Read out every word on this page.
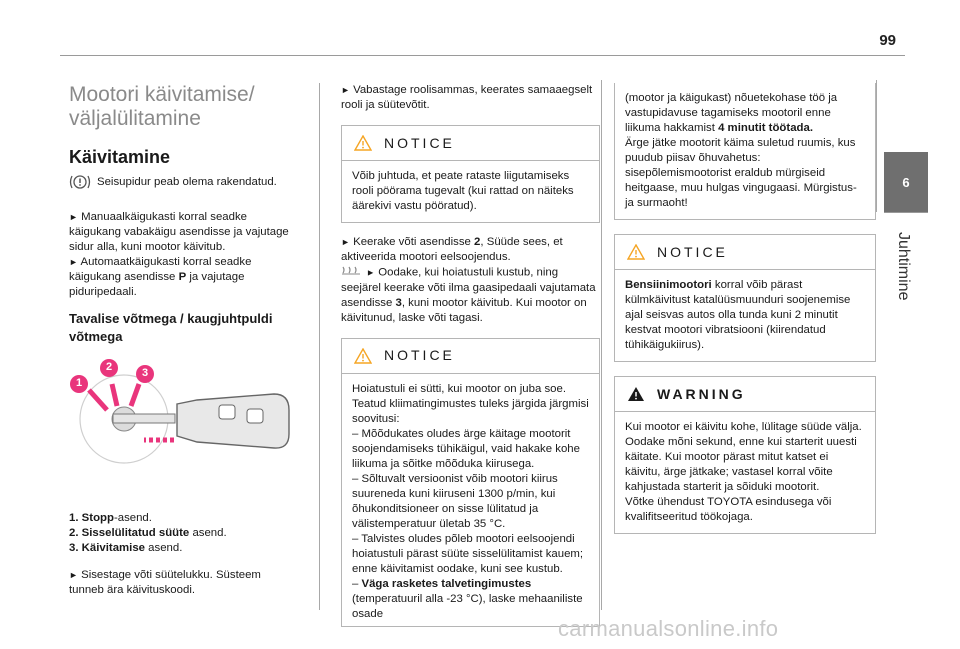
99
6
Juhtimine
Mootori käivitamise/
väljalülitamine
Käivitamine
Seisupidur peab olema rakendatud.

► Manuaalkäigukasti korral seadke käigukang vabakäigu asendisse ja vajutage sidur alla, kuni mootor käivitub.
► Automaatkäigukasti korral seadke käigukang asendisse P ja vajutage piduripedaali.

Tavalise võtmega / kaugjuhtpuldi võtmega
1
2	3

1. Stopp-asend.
2. Sisselülitatud süüte asend.
3. Käivitamise asend.

► Sisestage võti süütelukku. Süsteem tunneb ära käivituskoodi.

► Vabastage roolisammas, keerates samaaegselt rooli ja süütevõtit.

NOTICE

Võib juhtuda, et peate rataste liigutamiseks rooli pöörama tugevalt (kui rattad on näiteks äärekivi vastu pööratud).

► Keerake võti asendisse 2, Süüde sees, et aktiveerida mootori eelsoojendus.
► Oodake, kui hoiatustuli kustub, ning seejärel keerake võti ilma gaasipedaali vajutamata asendisse 3, kuni mootor käivitub. Kui mootor on käivitunud, laske võti tagasi.

NOTICE

Hoiatustuli ei sütti, kui mootor on juba soe.

Teatud kliimatingimustes tuleks järgida järgmisi soovitusi:

– Mõõdukates oludes ärge käitage mootorit soojendamiseks tühikäigul, vaid hakake kohe liikuma ja sõitke mõõduka kiirusega.

– Sõltuvalt versioonist võib mootori kiirus suureneda kuni kiiruseni 1300 p/min, kui õhukonditsioneer on sisse lülitatud ja välistemperatuur ületab 35 °C.

– Talvistes oludes põleb mootori eelsoojendi hoiatustuli pärast süüte sisselülitamist kauem; enne käivitamist oodake, kuni see kustub.

– Väga rasketes talvetingimustes (temperatuuril alla -23 °C), laske mehaaniliste osade

(mootor ja käigukast) nõuetekohase töö ja vastupidavuse tagamiseks mootoril enne liikuma hakkamist 4 minutit töötada.
Ärge jätke mootorit käima suletud ruumis, kus puudub piisav õhuvahetus: sisepõlemismootorist eraldub mürgiseid heitgaase, muu hulgas vingugaasi. Mürgistus-ja surmaoht!

NOTICE

Bensiinimootori korral võib pärast külmkäivitust katalüüsmuunduri soojenemise ajal seisvas autos olla tunda kuni 2 minutit kestvat mootori vibratsiooni (kiirendatud tühikäigukiirus).

WARNING

Kui mootor ei käivitu kohe, lülitage süüde välja.

Oodake mõni sekund, enne kui starterit uuesti käitate. Kui mootor pärast mitut katset ei käivitu, ärge jätkake; vastasel korral võite kahjustada starterit ja sõiduki mootorit.

Võtke ühendust TOYOTA esindusega või kvalifitseeritud töökojaga.

carmanualsonline.info
